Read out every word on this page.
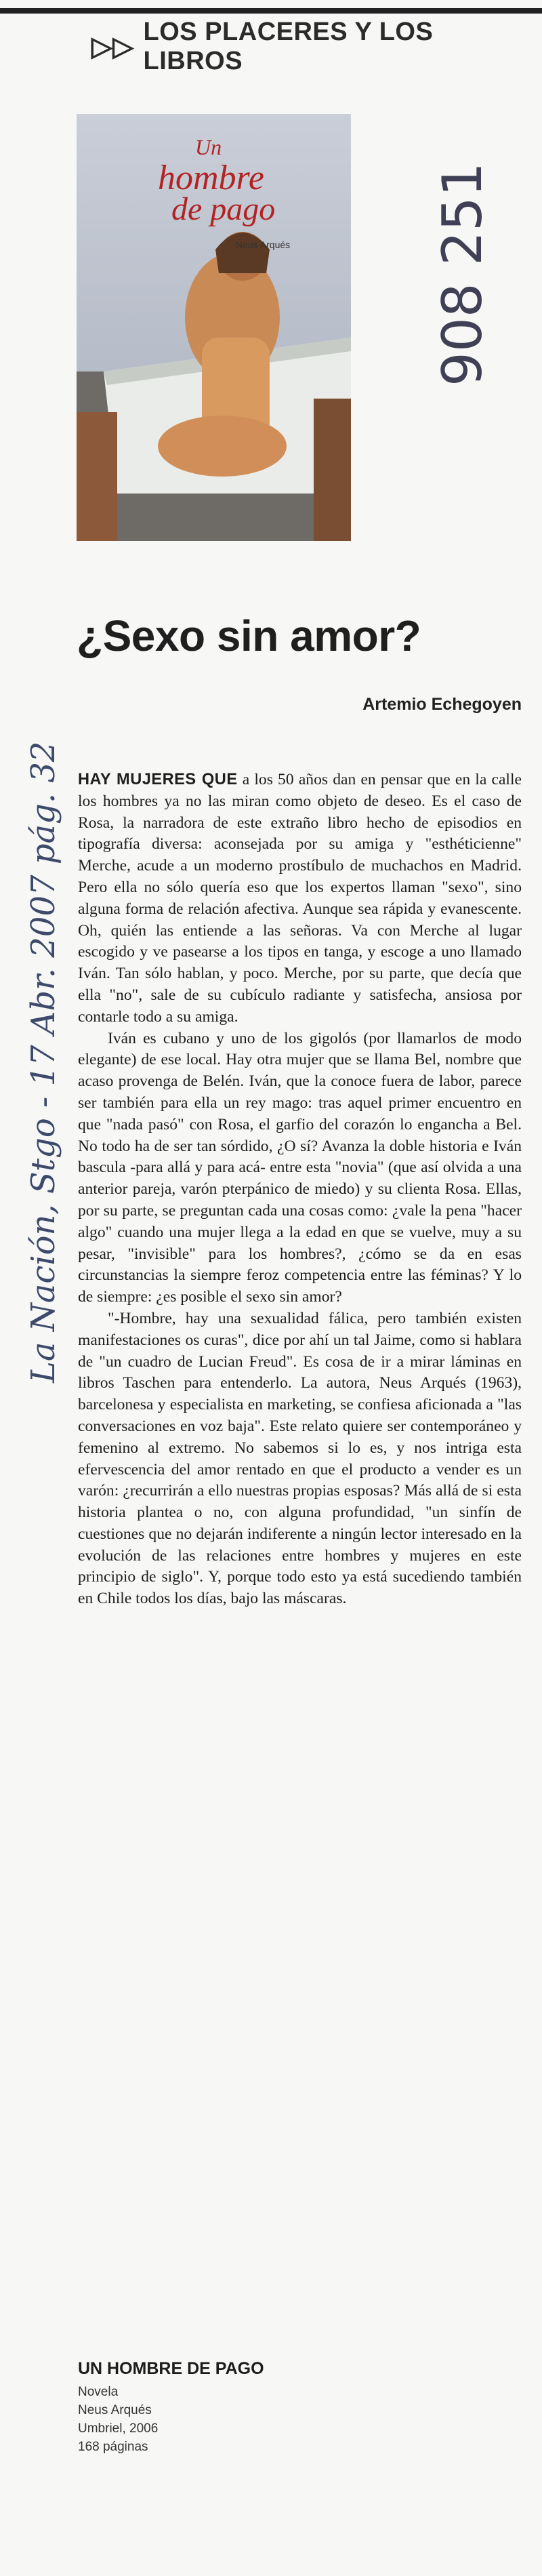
▷▷ LOS PLACERES Y LOS LIBROS
Un
hombre
de pago
Neus Arqués	908 251
La Nación, Stgo - 17 Abr. 2007 pág. 32
¿Sexo sin amor?
Artemio Echegoyen

HAY MUJERES QUE a los 50 años dan en pensar que en la calle los hombres ya no las miran como objeto de deseo. Es el caso de Rosa, la narradora de este extraño libro hecho de episodios en tipografía diversa: aconsejada por su amiga y "esthéticienne" Merche, acude a un moderno prostíbulo de muchachos en Madrid. Pero ella no sólo quería eso que los expertos llaman "sexo", sino alguna forma de relación afectiva. Aunque sea rápida y evanescente. Oh, quién las entiende a las señoras. Va con Merche al lugar escogido y ve pasearse a los tipos en tanga, y escoge a uno llamado Iván. Tan sólo hablan, y poco. Merche, por su parte, que decía que ella "no", sale de su cubículo radiante y satisfecha, ansiosa por contarle todo a su amiga.

Iván es cubano y uno de los gigolós (por llamarlos de modo elegante) de ese local. Hay otra mujer que se llama Bel, nombre que acaso provenga de Belén. Iván, que la conoce fuera de labor, parece ser también para ella un rey mago: tras aquel primer encuentro en que "nada pasó" con Rosa, el garfio del corazón lo engancha a Bel. No todo ha de ser tan sórdido, ¿O sí? Avanza la doble historia e Iván bascula -para allá y para acá- entre esta "novia" (que así olvida a una anterior pareja, varón pterpánico de miedo) y su clienta Rosa. Ellas, por su parte, se preguntan cada una cosas como: ¿vale la pena "hacer algo" cuando una mujer llega a la edad en que se vuelve, muy a su pesar, "invisible" para los hombres?, ¿cómo se da en esas circunstancias la siempre feroz competencia entre las féminas? Y lo de siempre: ¿es posible el sexo sin amor?

"-Hombre, hay una sexualidad fálica, pero también existen manifestaciones os curas", dice por ahí un tal Jaime, como si hablara de "un cuadro de Lucian Freud". Es cosa de ir a mirar láminas en libros Taschen para entenderlo. La autora, Neus Arqués (1963), barcelonesa y especialista en marketing, se confiesa aficionada a "las conversaciones en voz baja". Este relato quiere ser contemporáneo y femenino al extremo. No sabemos si lo es, y nos intriga esta efervescencia del amor rentado en que el producto a vender es un varón: ¿recurrirán a ello nuestras propias esposas? Más allá de si esta historia plantea o no, con alguna profundidad, "un sinfín de cuestiones que no dejarán indiferente a ningún lector interesado en la evolución de las relaciones entre hombres y mujeres en este principio de siglo". Y, porque todo esto ya está sucediendo también en Chile todos los días, bajo las máscaras.

UN HOMBRE DE PAGO
Novela
Neus Arqués
Umbriel, 2006
168 páginas
